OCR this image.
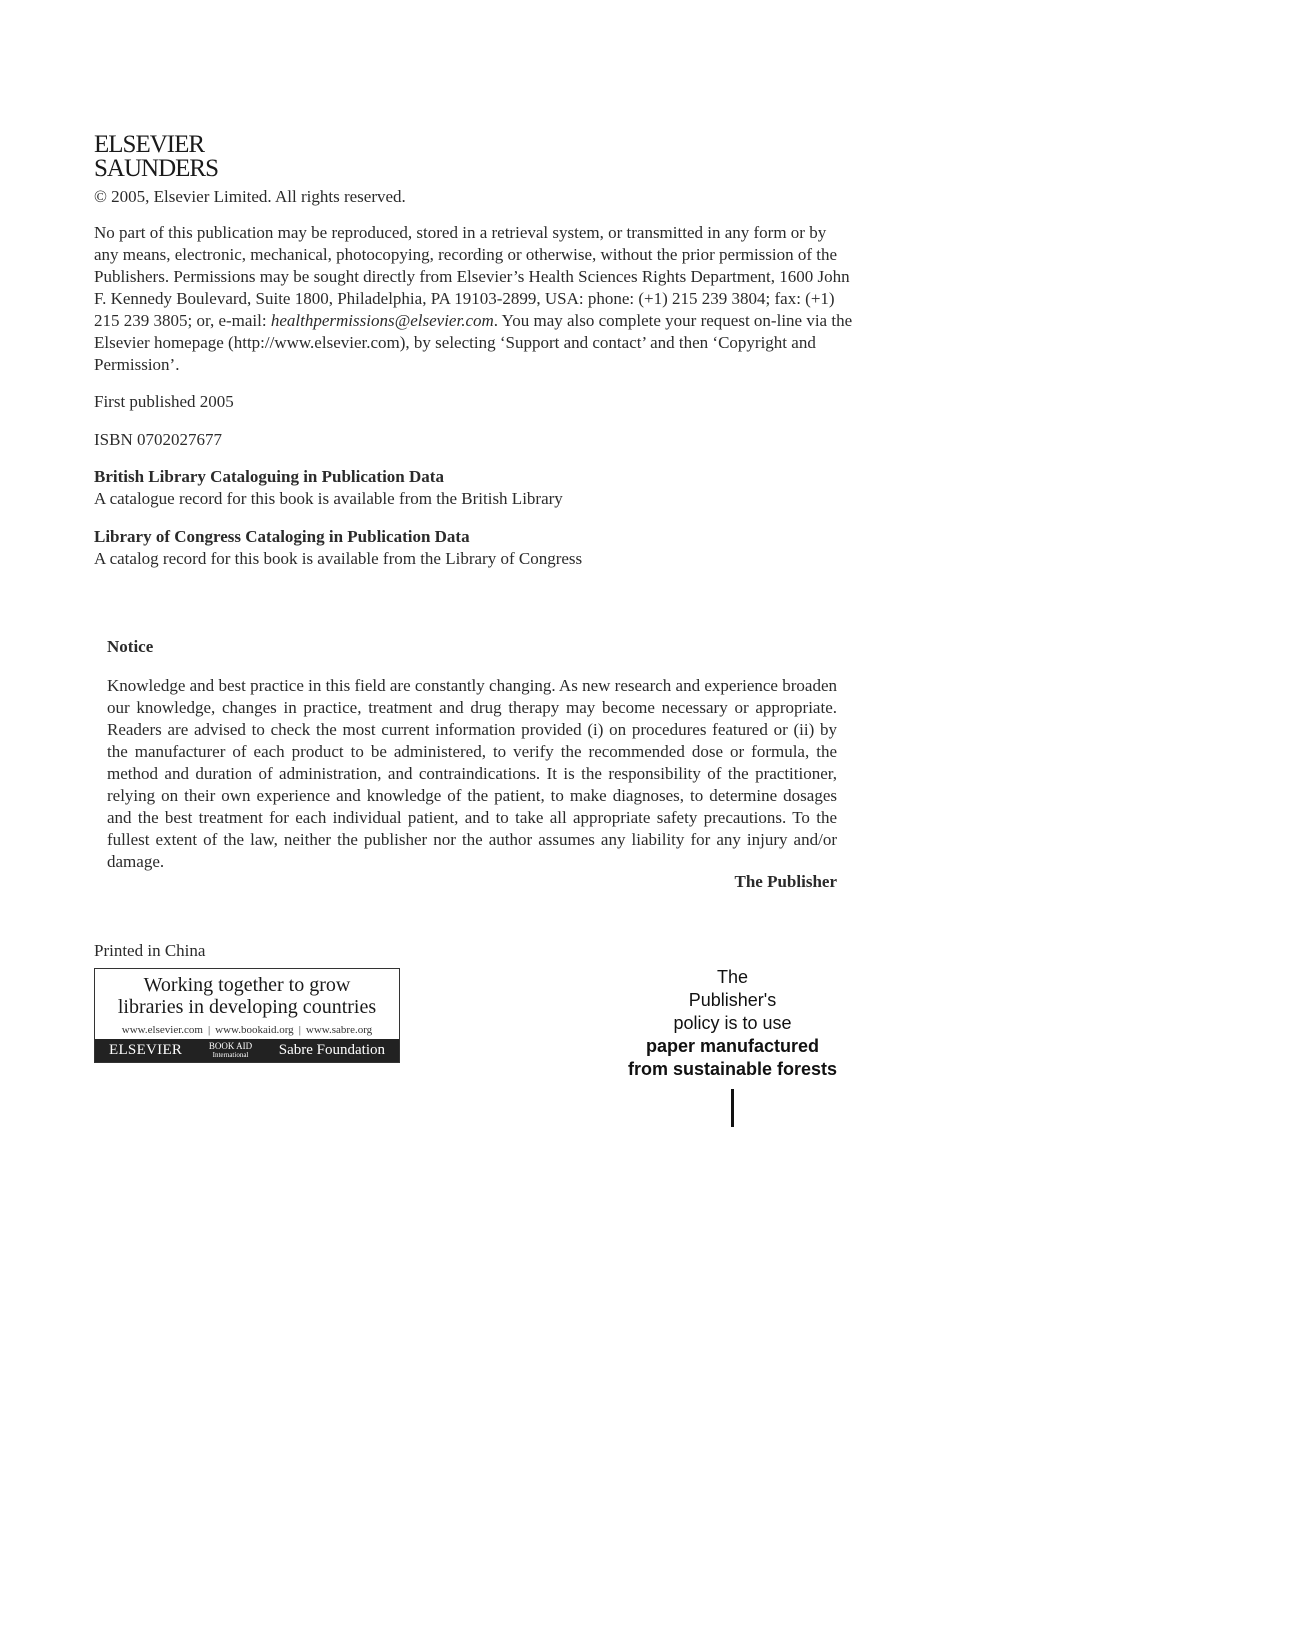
ELSEVIER
SAUNDERS

© 2005, Elsevier Limited. All rights reserved.

No part of this publication may be reproduced, stored in a retrieval system, or transmitted in any form or by any means, electronic, mechanical, photocopying, recording or otherwise, without the prior permission of the Publishers. Permissions may be sought directly from Elsevier’s Health Sciences Rights Department, 1600 John F. Kennedy Boulevard, Suite 1800, Philadelphia, PA 19103-2899, USA: phone: (+1) 215 239 3804; fax: (+1) 215 239 3805; or, e-mail: healthpermissions@elsevier.com. You may also complete your request on-line via the Elsevier homepage (http://www.elsevier.com), by selecting ‘Support and contact’ and then ‘Copyright and Permission’.

First published 2005

ISBN 0702027677

British Library Cataloguing in Publication Data
A catalogue record for this book is available from the British Library
Library of Congress Cataloging in Publication Data
A catalog record for this book is available from the Library of Congress
Notice

Knowledge and best practice in this field are constantly changing. As new research and experience broaden our knowledge, changes in practice, treatment and drug therapy may become necessary or appropriate. Readers are advised to check the most current information provided (i) on procedures featured or (ii) by the manufacturer of each product to be administered, to verify the recommended dose or formula, the method and duration of administration, and contraindications. It is the responsibility of the practitioner, relying on their own experience and knowledge of the patient, to make diagnoses, to determine dosages and the best treatment for each individual patient, and to take all appropriate safety precautions. To the fullest extent of the law, neither the publisher nor the author assumes any liability for any injury and/or damage.

The Publisher

Printed in China

Working together to grow
libraries in developing countries
www.elsevier.com | www.bookaid.org | www.sabre.org
ELSEVIER	BOOK AID
International Sabre Foundation
The
Publisher's
policy is to use
paper manufactured
from sustainable forests
